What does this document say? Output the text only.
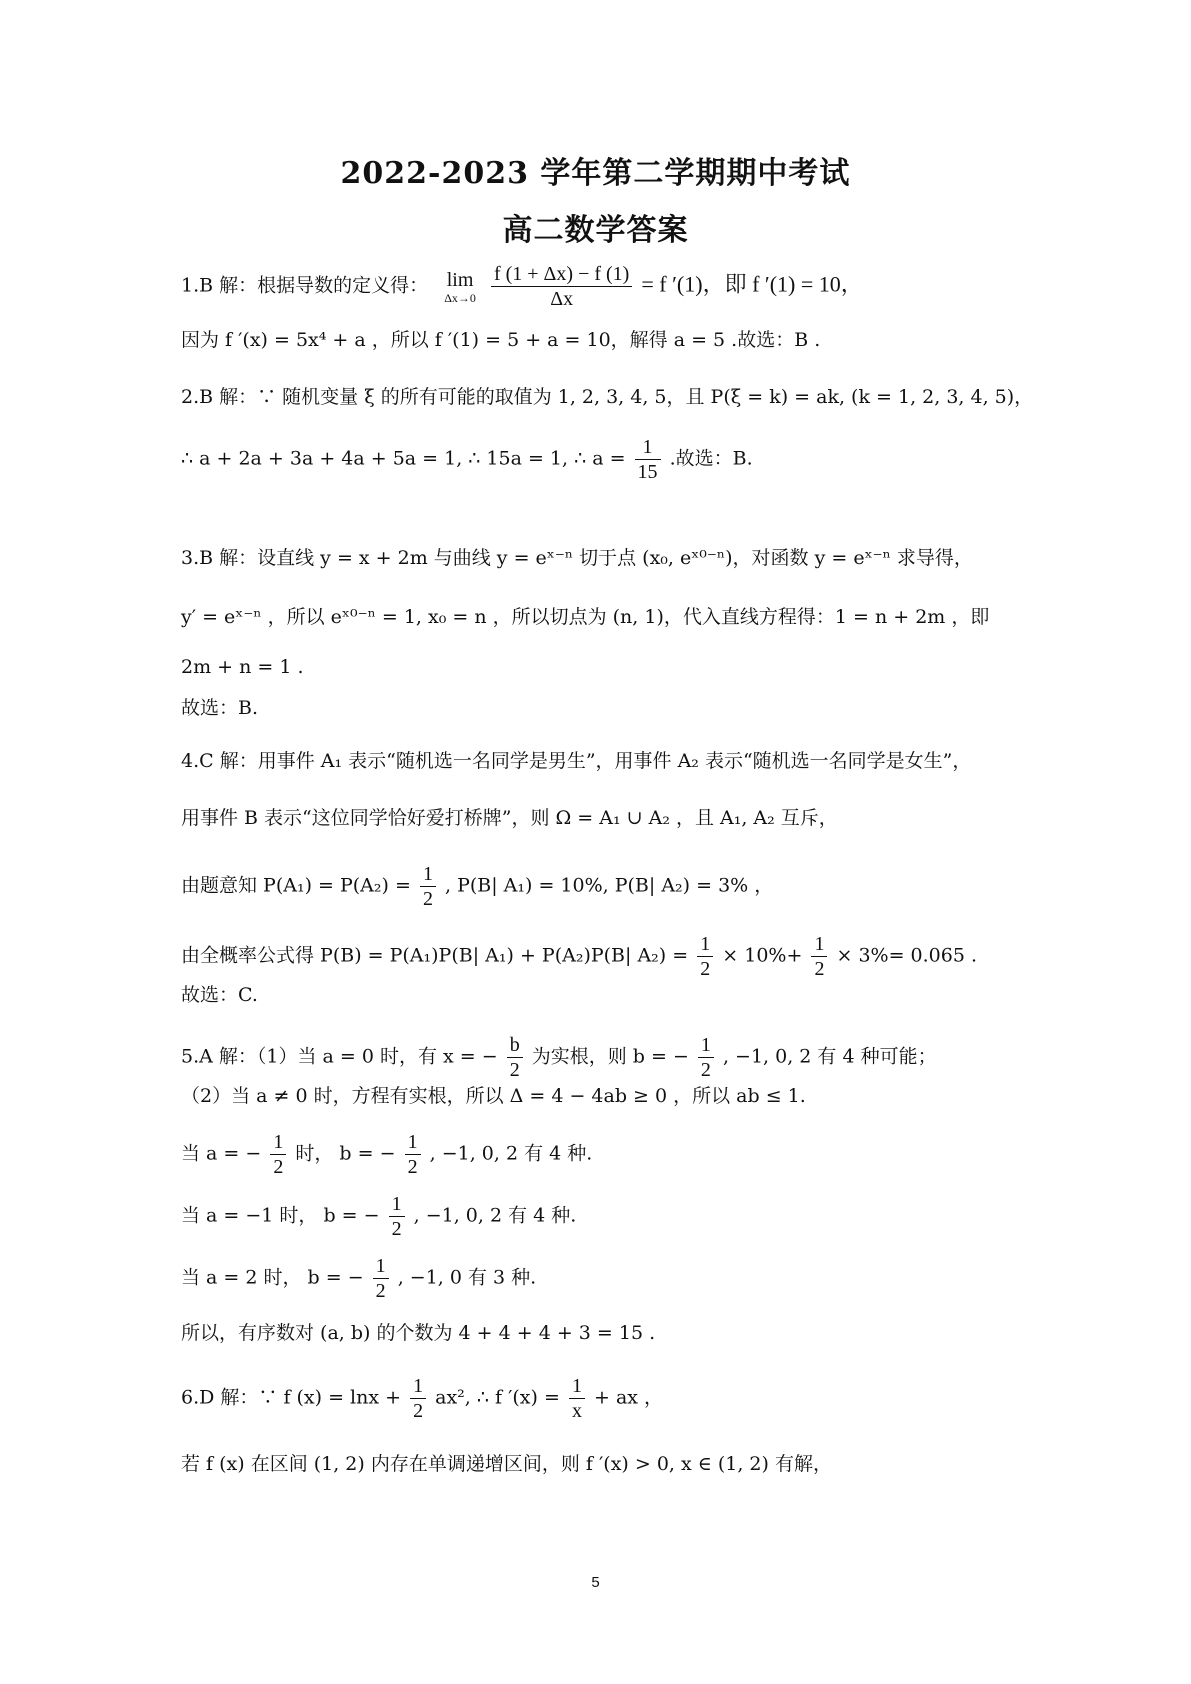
2022-2023 学年第二学期期中考试
高二数学答案
1.B 解：根据导数的定义得： lim
Δx→0
$\frac{f (1 + \Delta x) - f (1)}{\Delta x} = f$ ′(1)，即 f ′(1) = 10，
因为 f ′(x) = 5x⁴ + a ，所以 f ′(1) = 5 + a = 10，解得 a = 5 .故选：B .
2.B 解：∵ 随机变量 ξ 的所有可能的取值为 1, 2, 3, 4, 5，且 P(ξ = k) = ak, (k = 1, 2, 3, 4, 5)，
∴ a + 2a + 3a + 4a + 5a = 1, ∴ 15a = 1, ∴ $a = \frac{1}{15}$ .故选：B.
3.B 解：设直线 y = x + 2m 与曲线 y = eˣ⁻ⁿ 切于点 (x₀, eˣ⁰⁻ⁿ)，对函数 y = eˣ⁻ⁿ 求导得，
y′ = eˣ⁻ⁿ ，所以 eˣ⁰⁻ⁿ = 1, x₀ = n ，所以切点为 (n, 1)，代入直线方程得：1 = n + 2m ，即
2m + n = 1 .
故选：B.
4.C 解：用事件 A₁ 表示“随机选一名同学是男生”，用事件 A₂ 表示“随机选一名同学是女生”，
用事件 B 表示“这位同学恰好爱打桥牌”，则 Ω = A₁ ∪ A₂ ，且 A₁, A₂ 互斥，
由题意知 $P(A_1) = P(A_2) = \frac{1}{2}$ , P(B| A₁) = 10%, P(B| A₂) = 3% ，
由全概率公式得 P(B) = P(A₁)P(B| A₁) + P(A₂)P(B| $A_2) = \frac{1}{2} \times 10\%+ \frac{1}{2} \times 3\%= 0.065$ .
故选：C.
5.A 解：（1）当 a = 0 时，有 x = − $\frac{b}{2}$ 为实根，则 b = − $\frac{1}{2}$ , −1, 0, 2 有 4 种可能；
（2）当 a ≠ 0 时，方程有实根，所以 Δ = 4 − 4ab ≥ 0 ，所以 ab ≤ 1.
当 a = − $\frac{1}{2}$ 时， b = − $\frac{1}{2}$ , −1, 0, 2 有 4 种.
当 a = −1 时， b = − $\frac{1}{2}$ , −1, 0, 2 有 4 种.
当 a = 2 时， b = − $\frac{1}{2}$ , −1, 0 有 3 种.
所以，有序数对 (a, b) 的个数为 4 + 4 + 4 + 3 = 15 .
6.D 解：∵ f $(x) = \ln x + \frac{1}{2} ax^2$, ∴ f $'(x) = \frac{1}{x}$ + ax ，
若 f (x) 在区间 (1, 2) 内存在单调递增区间，则 f ′(x) > 0, x ∈ (1, 2) 有解，
5
